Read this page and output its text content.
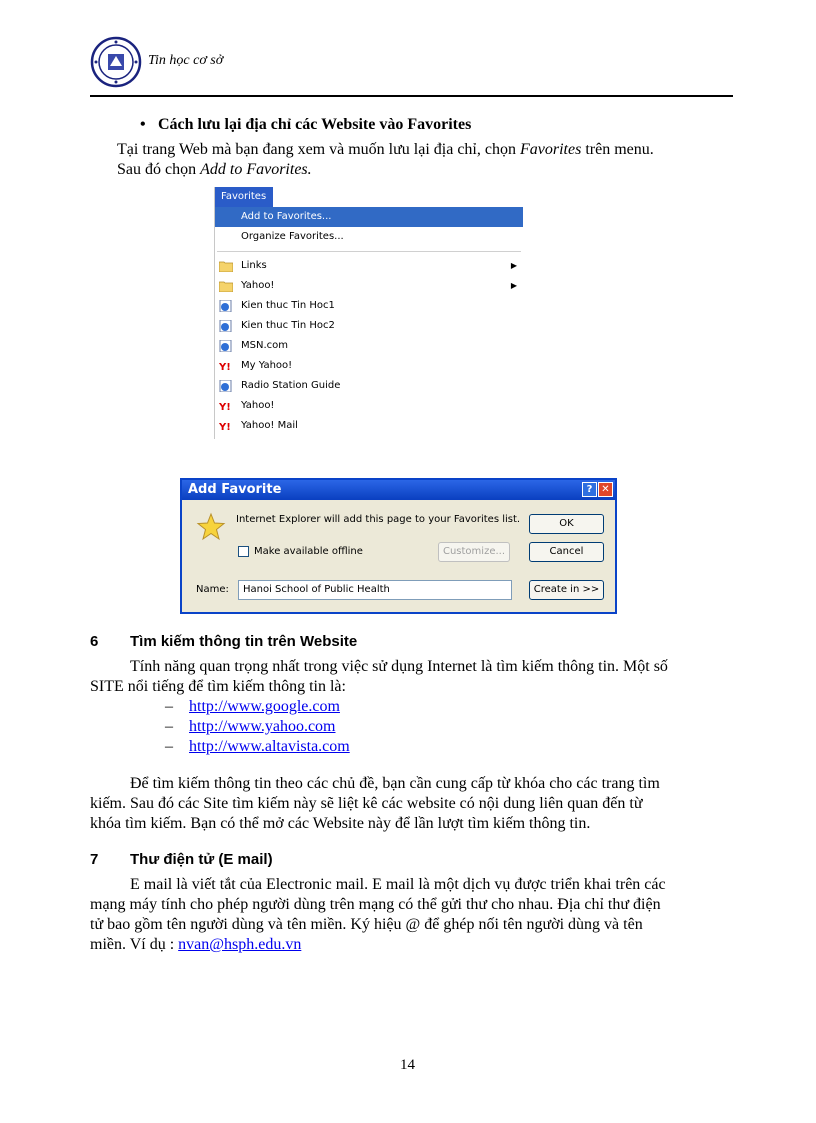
Tin học cơ sở
• Cách lưu lại địa chỉ các Website vào Favorites
Tại trang Web mà bạn đang xem và muốn lưu lại địa chỉ, chọn Favorites trên menu.
Sau đó chọn Add to Favorites.
Favorites
Add to Favorites...
Organize Favorites...
Links	▶
Yahoo!	▶
Kien thuc Tin Hoc1
Kien thuc Tin Hoc2
MSN.com
Y! My Yahoo!
Radio Station Guide
Y! Yahoo!
Y! Yahoo! Mail
Add Favorite	? ✕
Internet Explorer will add this page to your Favorites list.
Make available offline	Customize...
OK
Cancel
Name:	Hanoi School of Public Health	Create in >>
6 Tìm kiếm thông tin trên Website
Tính năng quan trọng nhất trong việc sử dụng Internet là tìm kiếm thông tin. Một số
SITE nổi tiếng để tìm kiếm thông tin là:
– http://www.google.com
– http://www.yahoo.com
– http://www.altavista.com
Để tìm kiếm thông tin theo các chủ đề, bạn cần cung cấp từ khóa cho các trang tìm
kiếm. Sau đó các Site tìm kiếm này sẽ liệt kê các website có nội dung liên quan đến từ
khóa tìm kiếm. Bạn có thể mở các Website này để lần lượt tìm kiếm thông tin.
7 Thư điện tử (E mail)
E mail là viết tắt của Electronic mail. E mail là một dịch vụ được triển khai trên các
mạng máy tính cho phép người dùng trên mạng có thể gửi thư cho nhau. Địa chỉ thư điện
tử bao gồm tên người dùng và tên miền. Ký hiệu @ để ghép nối tên người dùng và tên
miền. Ví dụ : nvan@hsph.edu.vn
14
